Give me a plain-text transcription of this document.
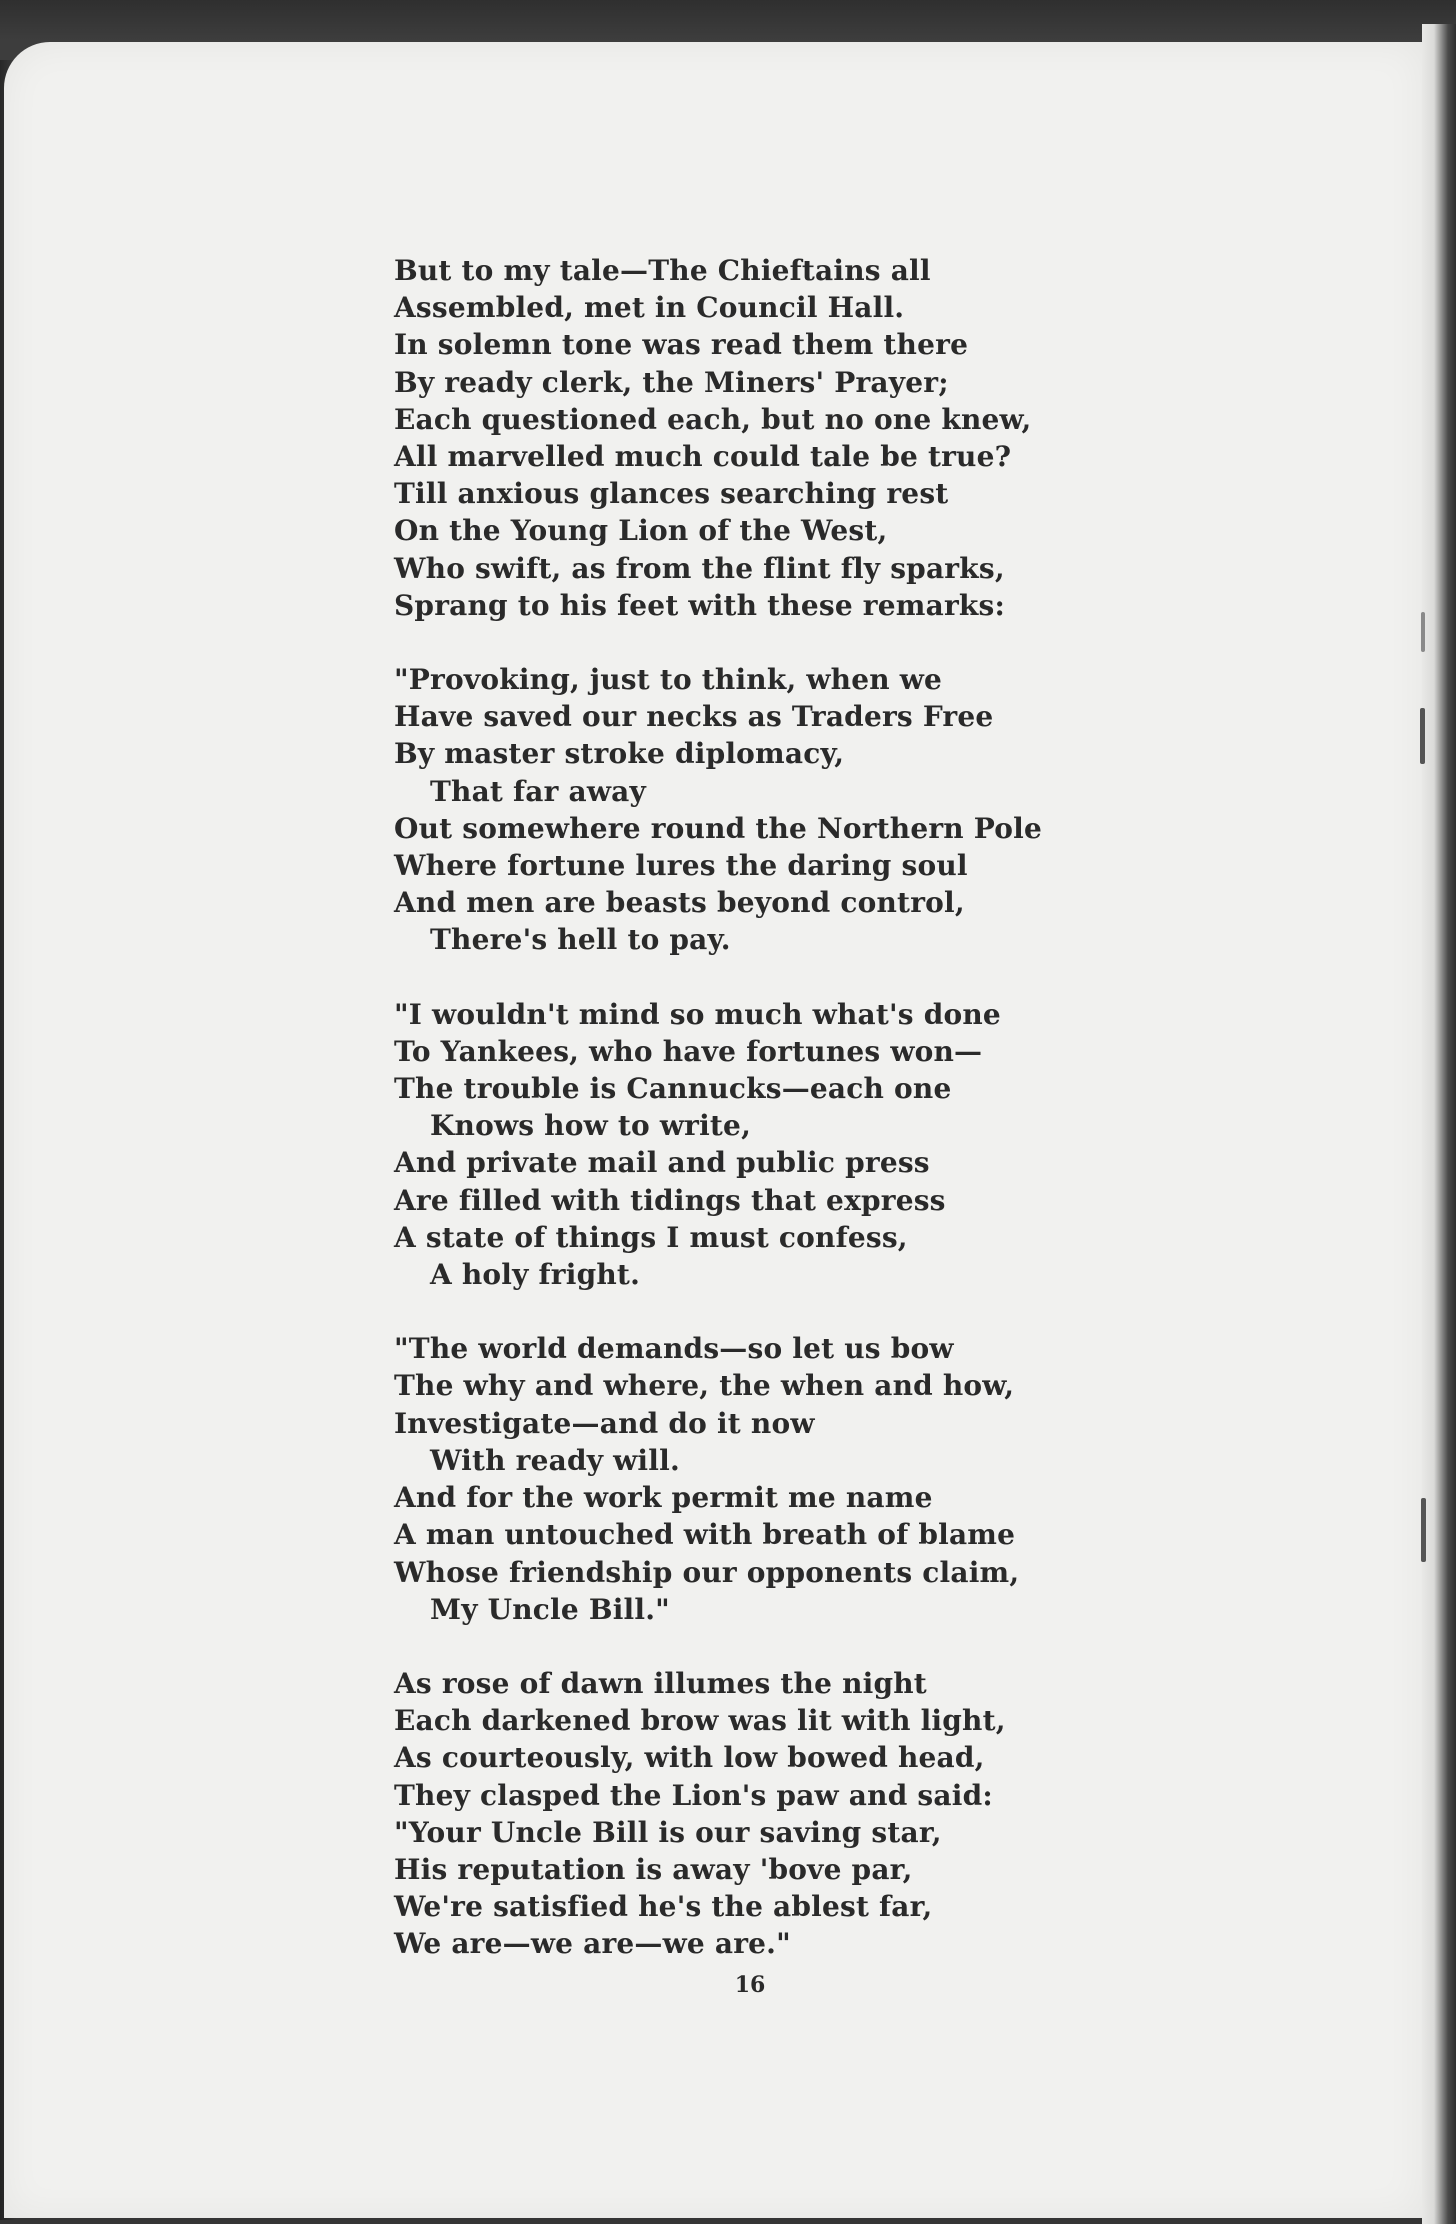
But to my tale—The Chieftains all
Assembled, met in Council Hall.
In solemn tone was read them there
By ready clerk, the Miners' Prayer;
Each questioned each, but no one knew,
All marvelled much could tale be true?
Till anxious glances searching rest
On the Young Lion of the West,
Who swift, as from the flint fly sparks,
Sprang to his feet with these remarks:
"Provoking, just to think, when we
Have saved our necks as Traders Free
By master stroke diplomacy,
That far away
Out somewhere round the Northern Pole
Where fortune lures the daring soul
And men are beasts beyond control,
There's hell to pay.
"I wouldn't mind so much what's done
To Yankees, who have fortunes won—
The trouble is Cannucks—each one
Knows how to write,
And private mail and public press
Are filled with tidings that express
A state of things I must confess,
A holy fright.
"The world demands—so let us bow
The why and where, the when and how,
Investigate—and do it now
With ready will.
And for the work permit me name
A man untouched with breath of blame
Whose friendship our opponents claim,
My Uncle Bill."
As rose of dawn illumes the night
Each darkened brow was lit with light,
As courteously, with low bowed head,
They clasped the Lion's paw and said:
"Your Uncle Bill is our saving star,
His reputation is away 'bove par,
We're satisfied he's the ablest far,
We are—we are—we are."
16
